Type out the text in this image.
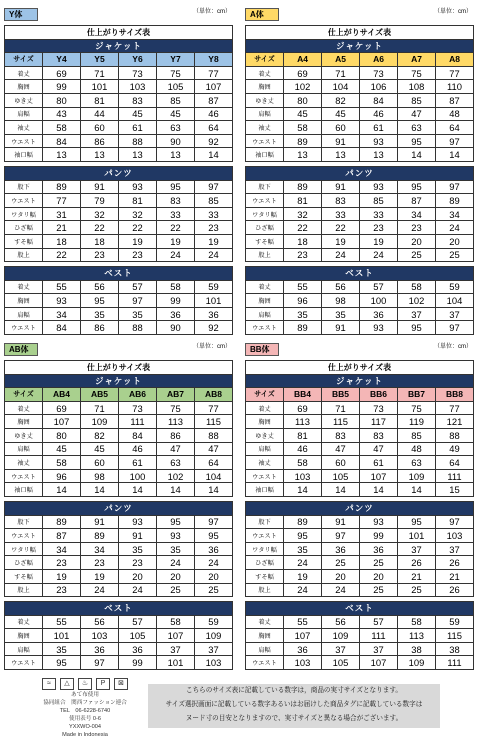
Y体	（単位：cm）
仕上がりサイズ表					
ジャケット					
サイズ	Y4	Y5	Y6	Y7	Y8
着丈	69	71	73	75	77
胸囲	99	101	103	105	107
ゆき丈	80	81	83	85	87
肩幅	43	44	45	45	46
袖丈	58	60	61	63	64
ウエスト	84	86	88	90	92
袖口幅	13	13	13	13	14

パンツ					
股下	89	91	93	95	97
ウエスト	77	79	81	83	85
ワタリ幅	31	32	32	33	33
ひざ幅	21	22	22	22	23
すそ幅	18	18	19	19	19
股上	22	23	23	24	24

ベスト					
着丈	55	56	57	58	59
胸囲	93	95	97	99	101
肩幅	34	35	35	36	36
ウエスト	84	86	88	90	92
A体	（単位：cm）
仕上がりサイズ表					
ジャケット					
サイズ	A4	A5	A6	A7	A8
着丈	69	71	73	75	77
胸囲	102	104	106	108	110
ゆき丈	80	82	84	85	87
肩幅	45	45	46	47	48
袖丈	58	60	61	63	64
ウエスト	89	91	93	95	97
袖口幅	13	13	13	14	14

パンツ					
股下	89	91	93	95	97
ウエスト	81	83	85	87	89
ワタリ幅	32	33	33	34	34
ひざ幅	22	22	23	23	24
すそ幅	18	19	19	20	20
股上	23	24	24	25	25

ベスト					
着丈	55	56	57	58	59
胸囲	96	98	100	102	104
肩幅	35	35	36	37	37
ウエスト	89	91	93	95	97
AB体	（単位：cm）
仕上がりサイズ表					
ジャケット					
サイズ	AB4	AB5	AB6	AB7	AB8
着丈	69	71	73	75	77
胸囲	107	109	111	113	115
ゆき丈	80	82	84	86	88
肩幅	45	45	46	47	47
袖丈	58	60	61	63	64
ウエスト	96	98	100	102	104
袖口幅	14	14	14	14	14

パンツ					
股下	89	91	93	95	97
ウエスト	87	89	91	93	95
ワタリ幅	34	34	35	35	36
ひざ幅	23	23	23	24	24
すそ幅	19	19	20	20	20
股上	23	24	24	25	25

ベスト					
着丈	55	56	57	58	59
胸囲	101	103	105	107	109
肩幅	35	36	36	37	37
ウエスト	95	97	99	101	103
BB体	（単位：cm）
仕上がりサイズ表					
ジャケット					
サイズ	BB4	BB5	BB6	BB7	BB8
着丈	69	71	73	75	77
胸囲	113	115	117	119	121
ゆき丈	81	83	83	85	88
肩幅	46	47	47	48	49
袖丈	58	60	61	63	64
ウエスト	103	105	107	109	111
袖口幅	14	14	14	14	15

パンツ					
股下	89	91	93	95	97
ウエスト	95	97	99	101	103
ワタリ幅	35	36	36	37	37
ひざ幅	24	25	25	26	26
すそ幅	19	20	20	21	21
股上	24	24	25	25	26

ベスト					
着丈	55	56	57	58	59
胸囲	107	109	111	113	115
肩幅	36	37	37	38	38
ウエスト	103	105	107	109	111
≈	△	♨	P	⊠
あて布使用
協同組合　関西ファッション連合
TEL　06-6228-6740
使用表号 0-6
YXXWO-004
Made in Indonesia
こちらのサイズ表に記載している数字は，商品の実寸サイズとなります。
サイズ選択画面に記載している数字あるいはお届けした商品タグに記載している数字は
ヌード寸の目安となりますので、実寸サイズと異なる場合がございます。
